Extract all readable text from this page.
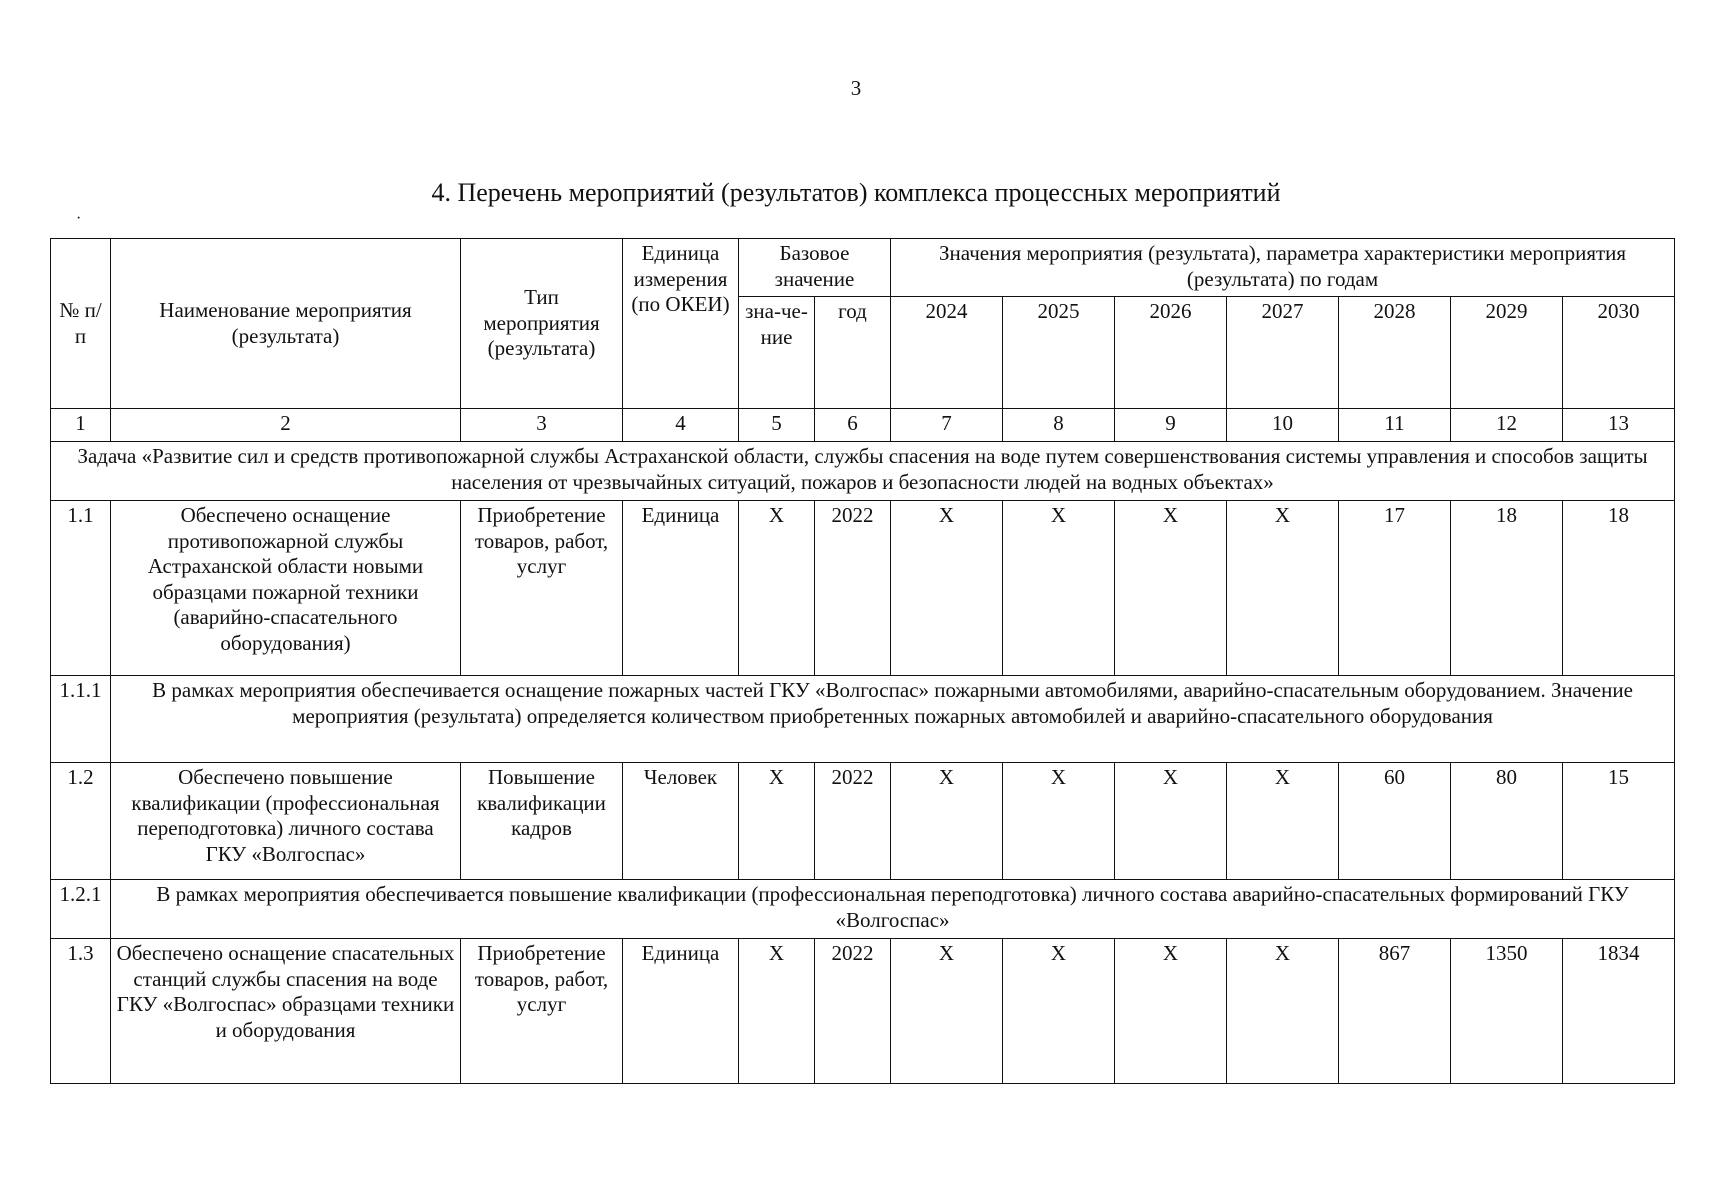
3
4. Перечень мероприятий (результатов) комплекса процессных мероприятий
·
№ п/п	Наименование мероприятия (результата)	Тип мероприятия (результата)	Единица измерения (по ОКЕИ)	Базовое значение		Значения мероприятия (результата), параметра характеристики мероприятия (результата) по годам						
				зна-че-ние	год	2024	2025	2026	2027	2028	2029	2030
1	2	3	4	5	6	7	8	9	10	11	12	13
Задача «Развитие сил и средств противопожарной службы Астраханской области, службы спасения на воде путем совершенствования системы управления и способов защиты населения от чрезвычайных ситуаций, пожаров и безопасности людей на водных объектах»												
1.1	Обеспечено оснащение противопожарной службы Астраханской области новыми образцами пожарной техники (аварийно-спасательного оборудования)	Приобретение товаров, работ, услуг	Единица	X	2022	X	X	X	X	17	18	18
1.1.1	В рамках мероприятия обеспечивается оснащение пожарных частей ГКУ «Волгоспас» пожарными автомобилями, аварийно-спасательным оборудованием. Значение мероприятия (результата) определяется количеством приобретенных пожарных автомобилей и аварийно-спасательного оборудования											
1.2	Обеспечено повышение квалификации (профессиональная переподготовка) личного состава ГКУ «Волгоспас»	Повышение квалификации кадров	Человек	X	2022	X	X	X	X	60	80	15
1.2.1	В рамках мероприятия обеспечивается повышение квалификации (профессиональная переподготовка) личного состава аварийно-спасательных формирований ГКУ «Волгоспас»											
1.3	Обеспечено оснащение спасательных станций службы спасения на воде ГКУ «Волгоспас» образцами техники и оборудования	Приобретение товаров, работ, услуг	Единица	X	2022	X	X	X	X	867	1350	1834
